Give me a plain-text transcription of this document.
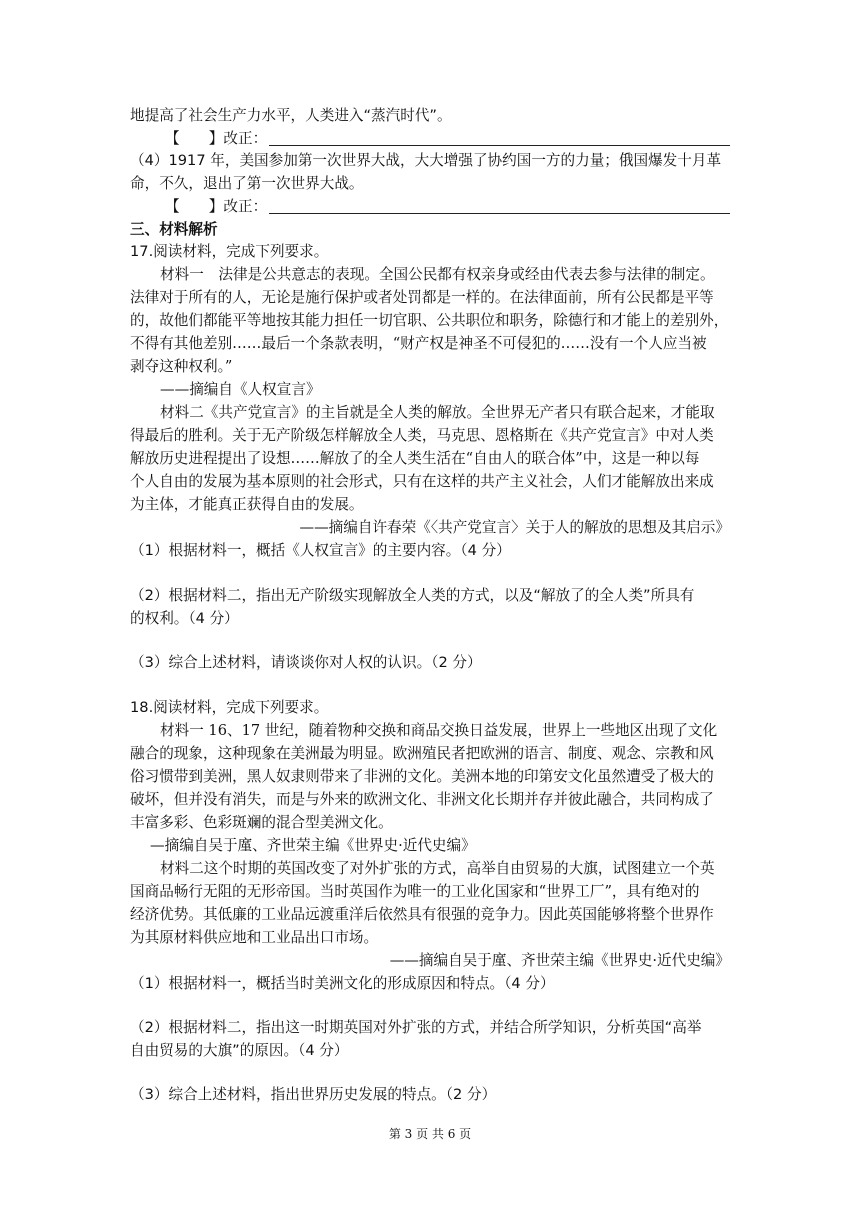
地提高了社会生产力水平，人类进入“蒸汽时代”。
【　　】改正：
（4）1917 年，美国参加第一次世界大战，大大增强了协约国一方的力量；俄国爆发十月革
命，不久，退出了第一次世界大战。
【　　】改正：
三、材料解析
17.阅读材料，完成下列要求。
材料一　法律是公共意志的表现。全国公民都有权亲身或经由代表去参与法律的制定。
法律对于所有的人，无论是施行保护或者处罚都是一样的。在法律面前，所有公民都是平等
的，故他们都能平等地按其能力担任一切官职、公共职位和职务，除德行和才能上的差别外，
不得有其他差别……最后一个条款表明，“财产权是神圣不可侵犯的……没有一个人应当被
剥夺这种权利。”
——摘编自《人权宣言》
材料二《共产党宣言》的主旨就是全人类的解放。全世界无产者只有联合起来，才能取
得最后的胜利。关于无产阶级怎样解放全人类，马克思、恩格斯在《共产党宣言》中对人类
解放历史进程提出了设想……解放了的全人类生活在“自由人的联合体”中，这是一种以每
个人自由的发展为基本原则的社会形式，只有在这样的共产主义社会，人们才能解放出来成
为主体，才能真正获得自由的发展。
——摘编自许春荣《〈共产党宣言〉关于人的解放的思想及其启示》
（1）根据材料一，概括《人权宣言》的主要内容。（4 分）
（2）根据材料二，指出无产阶级实现解放全人类的方式，以及“解放了的全人类”所具有
的权利。（4 分）
（3）综合上述材料，请谈谈你对人权的认识。（2 分）
18.阅读材料，完成下列要求。
材料一 16、17 世纪，随着物种交换和商品交换日益发展，世界上一些地区出现了文化
融合的现象，这种现象在美洲最为明显。欧洲殖民者把欧洲的语言、制度、观念、宗教和风
俗习惯带到美洲，黑人奴隶则带来了非洲的文化。美洲本地的印第安文化虽然遭受了极大的
破坏，但并没有消失，而是与外来的欧洲文化、非洲文化长期并存并彼此融合，共同构成了
丰富多彩、色彩斑斓的混合型美洲文化。
—摘编自吴于廑、齐世荣主编《世界史·近代史编》
材料二这个时期的英国改变了对外扩张的方式，高举自由贸易的大旗，试图建立一个英
国商品畅行无阻的无形帝国。当时英国作为唯一的工业化国家和“世界工厂”，具有绝对的
经济优势。其低廉的工业品远渡重洋后依然具有很强的竞争力。因此英国能够将整个世界作
为其原材料供应地和工业品出口市场。
——摘编自吴于廑、齐世荣主编《世界史·近代史编》
（1）根据材料一，概括当时美洲文化的形成原因和特点。（4 分）
（2）根据材料二，指出这一时期英国对外扩张的方式，并结合所学知识，分析英国“高举
自由贸易的大旗”的原因。（4 分）
（3）综合上述材料，指出世界历史发展的特点。（2 分）
第 3 页 共 6 页
